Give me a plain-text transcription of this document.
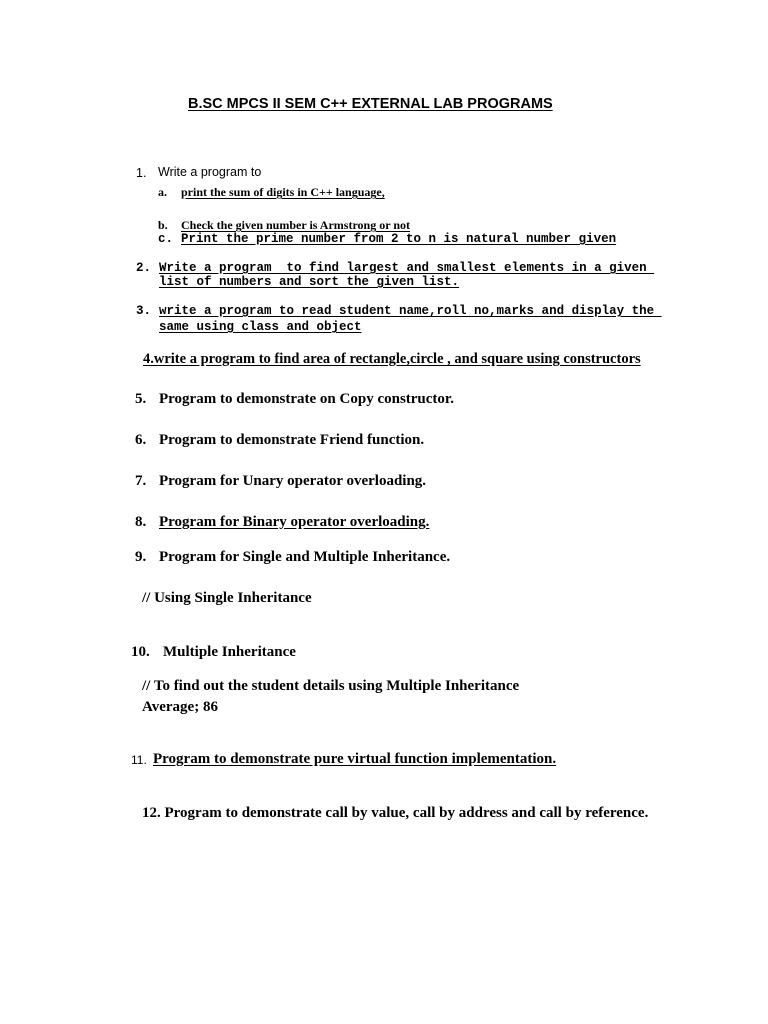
B.SC MPCS II SEM C++ EXTERNAL LAB PROGRAMS
1. Write a program to
a. print the sum of digits in C++ language,
b. Check the given number is Armstrong or not
c. Print the prime number from 2 to n is natural number given
2. Write a program  to find largest and smallest elements in a given
list of numbers and sort the given list.
3. write a program to read student name,roll no,marks and display the
same using class and object
4.write a program to find area of rectangle,circle , and square using constructors
5. Program to demonstrate on Copy constructor.
6. Program to demonstrate Friend function.
7. Program for Unary operator overloading.
8. Program for Binary operator overloading.
9. Program for Single and Multiple Inheritance.
// Using Single Inheritance
10. Multiple Inheritance
// To find out the student details using Multiple Inheritance
Average; 86
11. Program to demonstrate pure virtual function implementation.
12. Program to demonstrate call by value, call by address and call by reference.
